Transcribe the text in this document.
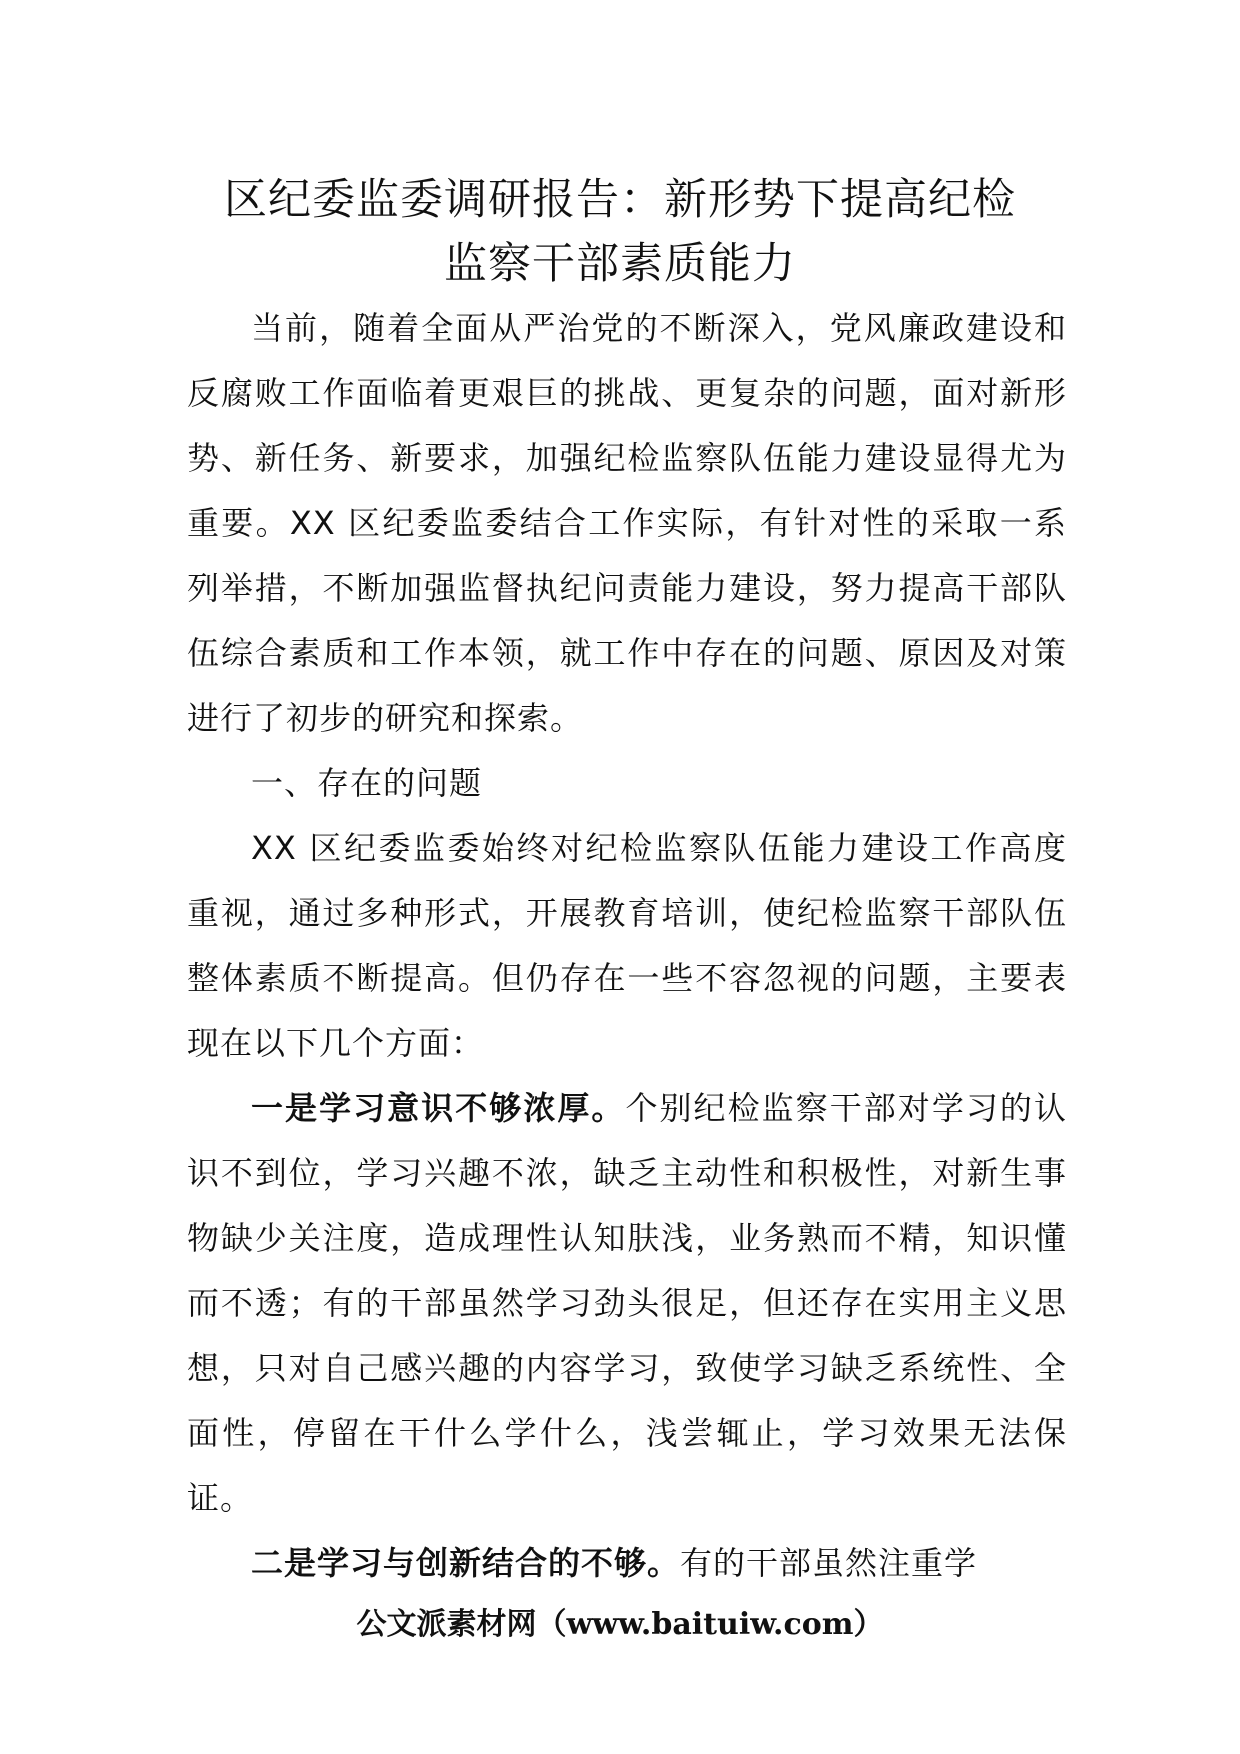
区纪委监委调研报告：新形势下提高纪检
监察干部素质能力

当前，随着全面从严治党的不断深入，党风廉政建设和反腐败工作面临着更艰巨的挑战、更复杂的问题，面对新形势、新任务、新要求，加强纪检监察队伍能力建设显得尤为重要。XX 区纪委监委结合工作实际，有针对性的采取一系列举措，不断加强监督执纪问责能力建设，努力提高干部队伍综合素质和工作本领，就工作中存在的问题、原因及对策进行了初步的研究和探索。

一、存在的问题

XX 区纪委监委始终对纪检监察队伍能力建设工作高度重视，通过多种形式，开展教育培训，使纪检监察干部队伍整体素质不断提高。但仍存在一些不容忽视的问题，主要表现在以下几个方面：

一是学习意识不够浓厚。个别纪检监察干部对学习的认识不到位，学习兴趣不浓，缺乏主动性和积极性，对新生事物缺少关注度，造成理性认知肤浅，业务熟而不精，知识懂而不透；有的干部虽然学习劲头很足，但还存在实用主义思想，只对自己感兴趣的内容学习，致使学习缺乏系统性、全面性，停留在干什么学什么，浅尝辄止，学习效果无法保证。

二是学习与创新结合的不够。有的干部虽然注重学

公文派素材网（www.baituiw.com）
